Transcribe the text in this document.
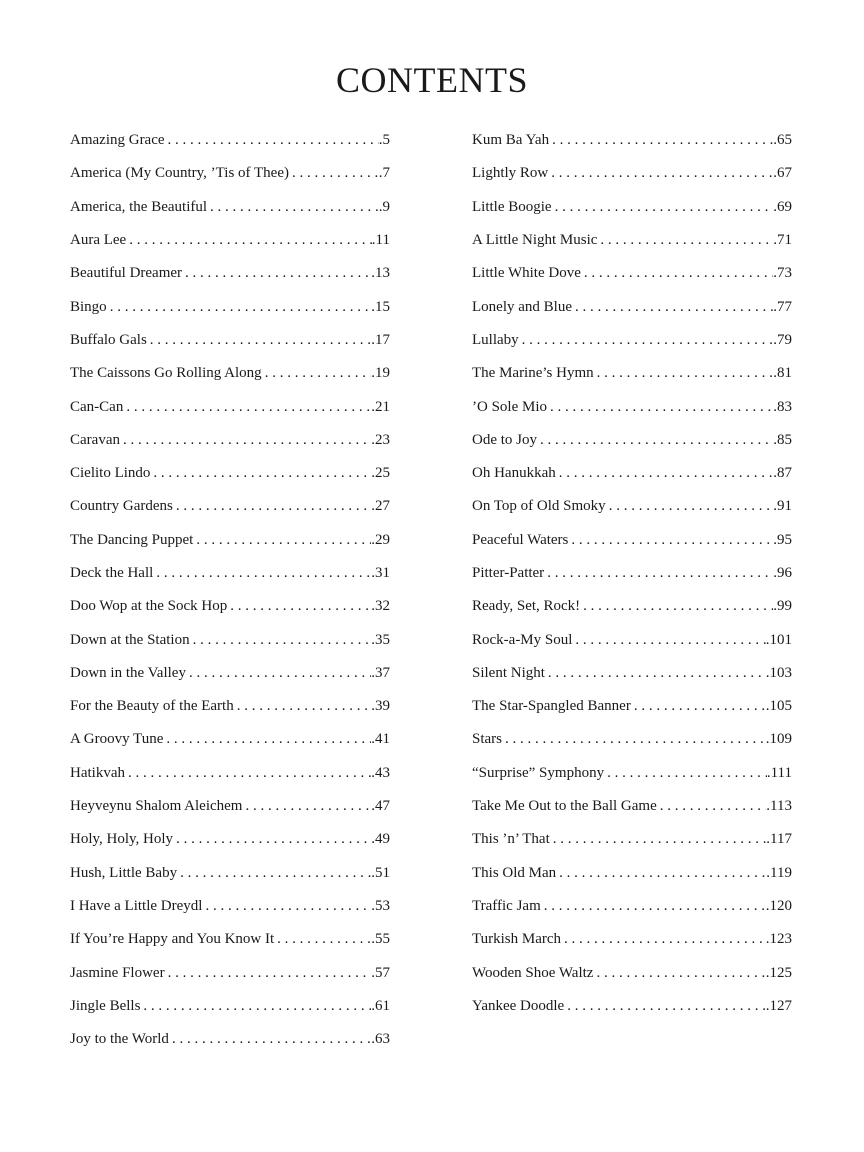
CONTENTS
Amazing Grace . . .	.5
America (My Country, ’Tis of Thee) . . .	.7
America, the Beautiful . . .	.9
Aura Lee . . .	.11
Beautiful Dreamer . . .	.13
Bingo . . .	.15
Buffalo Gals . . .	.17
The Caissons Go Rolling Along . . .	.19
Can-Can . . .	.21
Caravan . . .	.23
Cielito Lindo . . .	.25
Country Gardens . . .	.27
The Dancing Puppet . . .	.29
Deck the Hall . . .	.31
Doo Wop at the Sock Hop . . .	.32
Down at the Station . . .	.35
Down in the Valley . . .	.37
For the Beauty of the Earth . . .	.39
A Groovy Tune . . .	.41
Hatikvah . . .	.43
Heyveynu Shalom Aleichem . . .	.47
Holy, Holy, Holy . . .	.49
Hush, Little Baby . . .	.51
I Have a Little Dreydl . . .	.53
If You’re Happy and You Know It . . .	.55
Jasmine Flower . . .	.57
Jingle Bells . . .	.61
Joy to the World . . .	.63
Kum Ba Yah . . .	.65
Lightly Row . . .	.67
Little Boogie . . .	.69
A Little Night Music . . .	.71
Little White Dove . . .	.73
Lonely and Blue . . .	.77
Lullaby . . .	.79
The Marine’s Hymn . . .	.81
’O Sole Mio . . .	.83
Ode to Joy . . .	.85
Oh Hanukkah . . .	.87
On Top of Old Smoky . . .	.91
Peaceful Waters . . .	.95
Pitter-Patter . . .	.96
Ready, Set, Rock! . . .	.99
Rock-a-My Soul . . .	.101
Silent Night . . .	.103
The Star-Spangled Banner . . .	.105
Stars . . .	.109
“Surprise” Symphony . . .	.111
Take Me Out to the Ball Game . . .	.113
This ’n’ That . . .	.117
This Old Man . . .	.119
Traffic Jam . . .	.120
Turkish March . . .	.123
Wooden Shoe Waltz . . .	.125
Yankee Doodle . . .	.127
